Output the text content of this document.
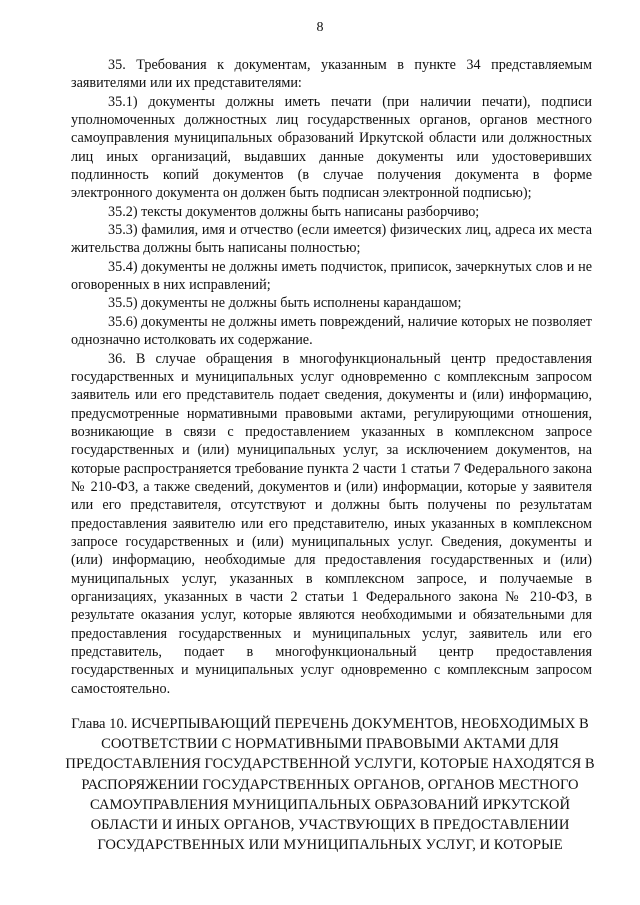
8

35. Требования к документам, указанным в пункте 34 представляемым заявителями или их представителями:

35.1) документы должны иметь печати (при наличии печати), подписи уполномоченных должностных лиц государственных органов, органов местного самоуправления муниципальных образований Иркутской области или должностных лиц иных организаций, выдавших данные документы или удостоверивших подлинность копий документов (в случае получения документа в форме электронного документа он должен быть подписан электронной подписью);

35.2) тексты документов должны быть написаны разборчиво;

35.3) фамилия, имя и отчество (если имеется) физических лиц, адреса их места жительства должны быть написаны полностью;

35.4) документы не должны иметь подчисток, приписок, зачеркнутых слов и не оговоренных в них исправлений;

35.5) документы не должны быть исполнены карандашом;

35.6) документы не должны иметь повреждений, наличие которых не позволяет однозначно истолковать их содержание.

36. В случае обращения в многофункциональный центр предоставления государственных и муниципальных услуг одновременно с комплексным запросом заявитель или его представитель подает сведения, документы и (или) информацию, предусмотренные нормативными правовыми актами, регулирующими отношения, возникающие в связи с предоставлением указанных в комплексном запросе государственных и (или) муниципальных услуг, за исключением документов, на которые распространяется требование пункта 2 части 1 статьи 7 Федерального закона № 210-ФЗ, а также сведений, документов и (или) информации, которые у заявителя или его представителя, отсутствуют и должны быть получены по результатам предоставления заявителю или его представителю, иных указанных в комплексном запросе государственных и (или) муниципальных услуг. Сведения, документы и (или) информацию, необходимые для предоставления государственных и (или) муниципальных услуг, указанных в комплексном запросе, и получаемые в организациях, указанных в части 2 статьи 1 Федерального закона № 210-ФЗ, в результате оказания услуг, которые являются необходимыми и обязательными для предоставления государственных и муниципальных услуг, заявитель или его представитель, подает в многофункциональный центр предоставления государственных и муниципальных услуг одновременно с комплексным запросом самостоятельно.

Глава 10. ИСЧЕРПЫВАЮЩИЙ ПЕРЕЧЕНЬ ДОКУМЕНТОВ, НЕОБХОДИМЫХ В СООТВЕТСТВИИ С НОРМАТИВНЫМИ ПРАВОВЫМИ АКТАМИ ДЛЯ ПРЕДОСТАВЛЕНИЯ ГОСУДАРСТВЕННОЙ УСЛУГИ, КОТОРЫЕ НАХОДЯТСЯ В РАСПОРЯЖЕНИИ ГОСУДАРСТВЕННЫХ ОРГАНОВ, ОРГАНОВ МЕСТНОГО САМОУПРАВЛЕНИЯ МУНИЦИПАЛЬНЫХ ОБРАЗОВАНИЙ ИРКУТСКОЙ ОБЛАСТИ И ИНЫХ ОРГАНОВ, УЧАСТВУЮЩИХ В ПРЕДОСТАВЛЕНИИ ГОСУДАРСТВЕННЫХ ИЛИ МУНИЦИПАЛЬНЫХ УСЛУГ, И КОТОРЫЕ
